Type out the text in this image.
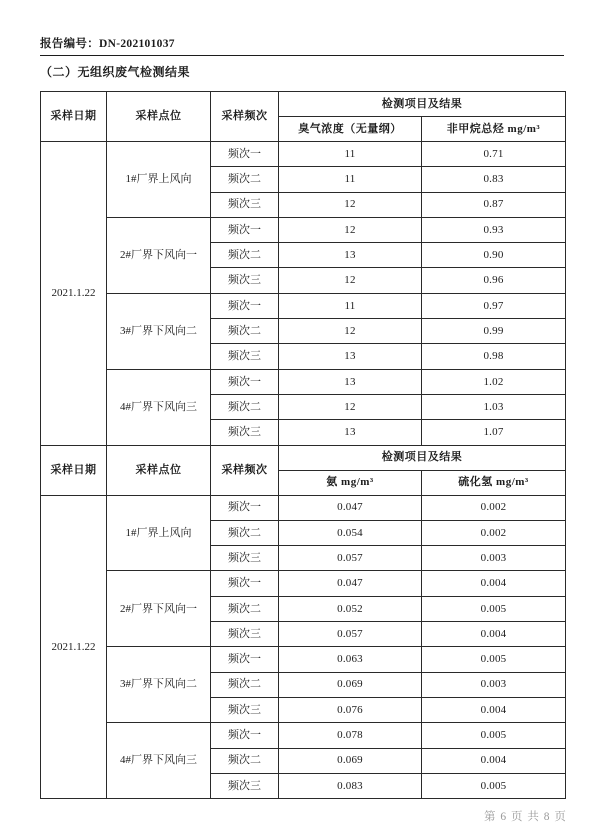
报告编号：DN-202101037
（二）无组织废气检测结果
采样日期	采样点位	采样频次	检测项目及结果	
			臭气浓度（无量纲）	非甲烷总烃 mg/m³
2021.1.22	1#厂界上风向	频次一	11	0.71
		频次二	11	0.83
		频次三	12	0.87
	2#厂界下风向一	频次一	12	0.93
		频次二	13	0.90
		频次三	12	0.96
	3#厂界下风向二	频次一	11	0.97
		频次二	12	0.99
		频次三	13	0.98
	4#厂界下风向三	频次一	13	1.02
		频次二	12	1.03
		频次三	13	1.07
采样日期	采样点位	采样频次	检测项目及结果	
			氨 mg/m³	硫化氢 mg/m³
2021.1.22	1#厂界上风向	频次一	0.047	0.002
		频次二	0.054	0.002
		频次三	0.057	0.003
	2#厂界下风向一	频次一	0.047	0.004
		频次二	0.052	0.005
		频次三	0.057	0.004
	3#厂界下风向二	频次一	0.063	0.005
		频次二	0.069	0.003
		频次三	0.076	0.004
	4#厂界下风向三	频次一	0.078	0.005
		频次二	0.069	0.004
		频次三	0.083	0.005
第 6 页 共 8 页
